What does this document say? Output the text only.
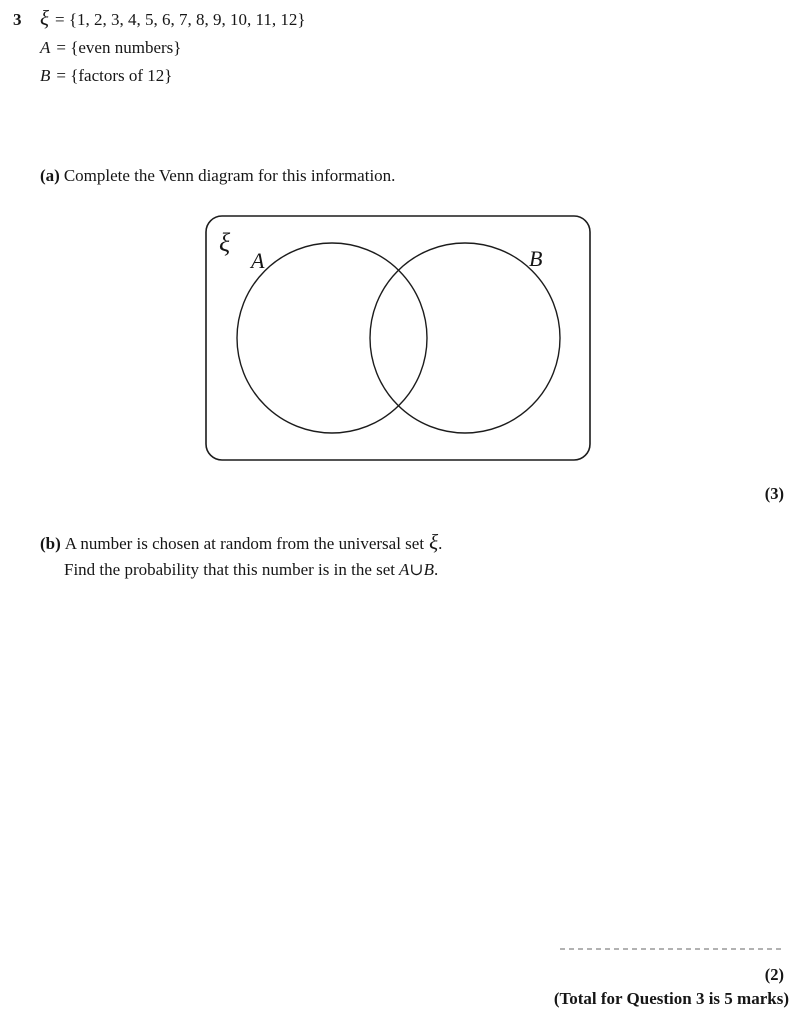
3 ξ = {1, 2, 3, 4, 5, 6, 7, 8, 9, 10, 11, 12}
A = {even numbers}
B = {factors of 12}
(a) Complete the Venn diagram for this information.
ξ
A	B
(3)
(b) A number is chosen at random from the universal set ξ.
Find the probability that this number is in the set A∪B.
(2)
(Total for Question 3 is 5 marks)
